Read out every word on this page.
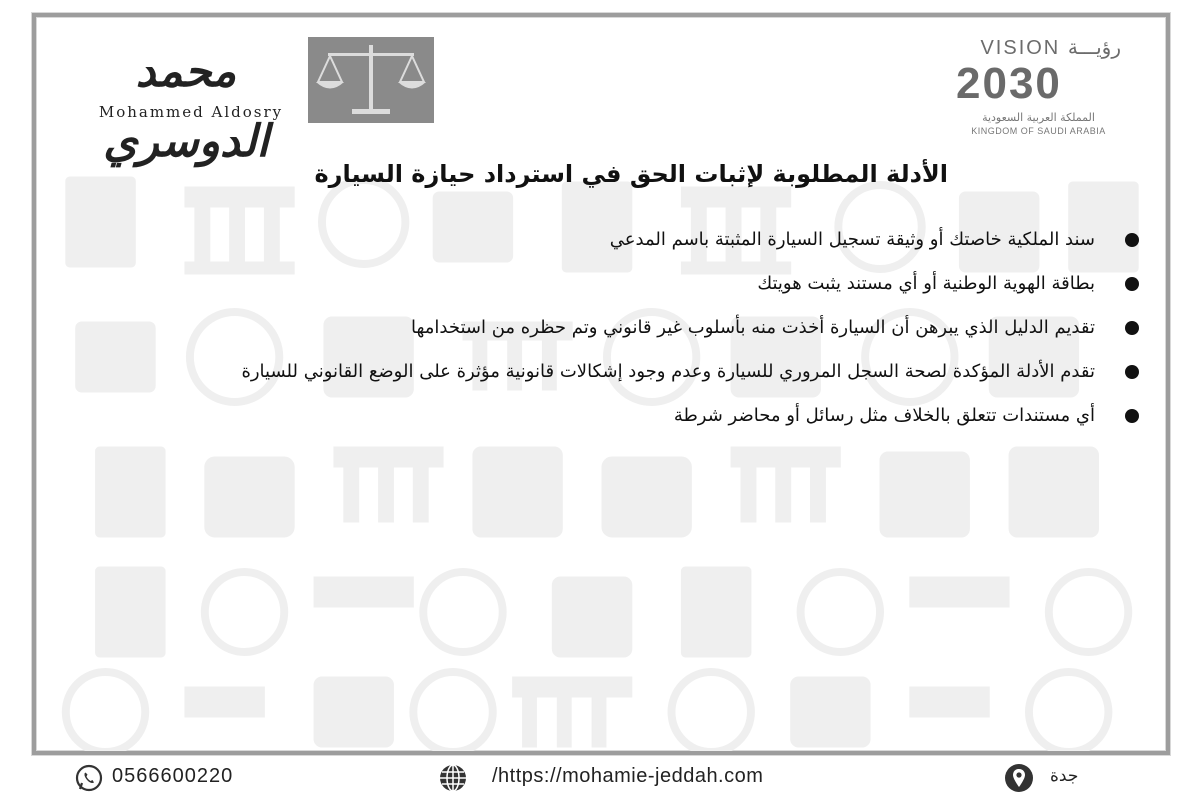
محمد الدوسري
Mohammed Aldosry
VISION رؤيـــة
2030
المملكة العربية السعودية
KINGDOM OF SAUDI ARABIA
الأدلة المطلوبة لإثبات الحق في استرداد حيازة السيارة
سند الملكية خاصتك أو وثيقة تسجيل السيارة المثبتة باسم المدعي
بطاقة الهوية الوطنية أو أي مستند يثبت هويتك
تقديم الدليل الذي يبرهن أن السيارة أخذت منه بأسلوب غير قانوني وتم حظره من استخدامها
تقدم الأدلة المؤكدة لصحة السجل المروري للسيارة وعدم وجود إشكالات قانونية مؤثرة على الوضع القانوني للسيارة
أي مستندات تتعلق بالخلاف مثل رسائل أو محاضر شرطة
0566600220	/https://mohamie-jeddah.com	جدة
